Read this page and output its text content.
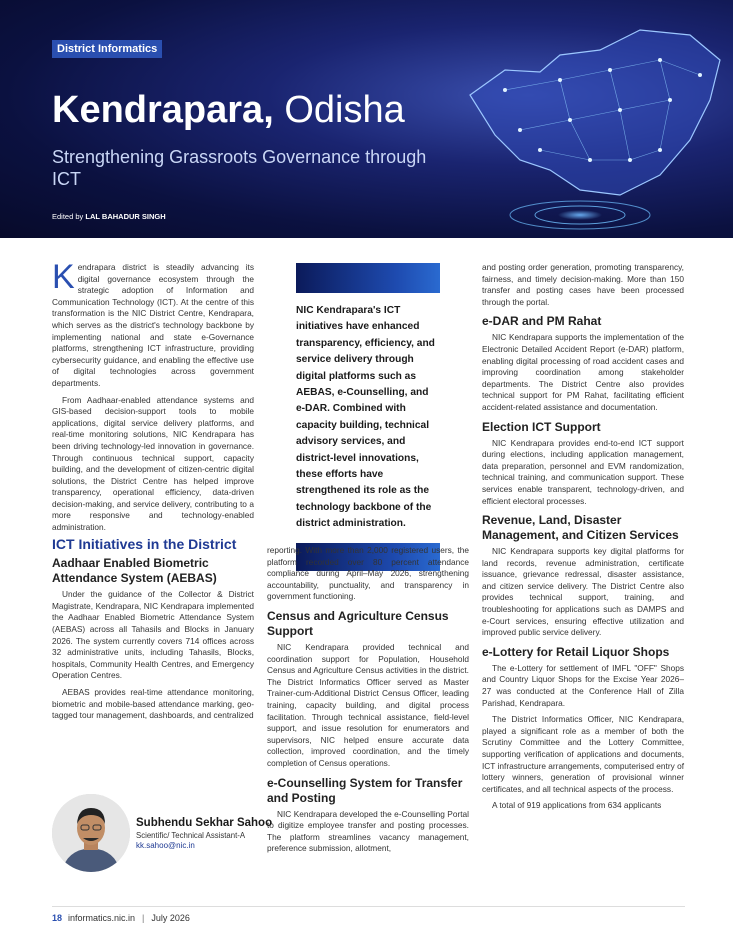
District Informatics
Kendrapara, Odisha
Strengthening Grassroots Governance through ICT
Edited by LAL BAHADUR SINGH

Kendrapara district is steadily advancing its digital governance ecosystem through the strategic adoption of Information and Communication Technology (ICT). At the centre of this transformation is the NIC District Centre, Kendrapara, which serves as the district's technology backbone by implementing national and state e-Governance platforms, strengthening ICT infrastructure, providing cybersecurity guidance, and enabling the effective use of digital technologies across government departments.

From Aadhaar-enabled attendance systems and GIS-based decision-support tools to mobile applications, digital service delivery platforms, and real-time monitoring solutions, NIC Kendrapara has been driving technology-led innovation in governance. Through continuous technical support, capacity building, and the development of citizen-centric digital solutions, the District Centre has helped improve transparency, operational efficiency, data-driven decision-making, and service delivery, contributing to a more responsive and technology-enabled administration.

ICT Initiatives in the District
Aadhaar Enabled Biometric Attendance System (AEBAS)

Under the guidance of the Collector & District Magistrate, Kendrapara, NIC Kendrapara implemented the Aadhaar Enabled Biometric Attendance System (AEBAS) across all Tahasils and Blocks in January 2026. The system currently covers 714 offices across 32 administrative units, including Tahasils, Blocks, hospitals, Community Health Centres, and Emergency Operation Centres.

AEBAS provides real-time attendance monitoring, biometric and mobile-based attendance marking, geo-tagged tour management, dashboards, and centralized

NIC Kendrapara's ICT initiatives have enhanced transparency, efficiency, and service delivery through digital platforms such as AEBAS, e-Counselling, and e-DAR. Combined with capacity building, technical advisory services, and district-level innovations, these efforts have strengthened its role as the technology backbone of the district administration.

reporting. With more than 2,000 registered users, the platform recorded over 80 percent attendance compliance during April–May 2026, strengthening accountability, punctuality, and transparency in government functioning.

Census and Agriculture Census Support

NIC Kendrapara provided technical and coordination support for Population, Household Census and Agriculture Census activities in the district. The District Informatics Officer served as Master Trainer-cum-Additional District Census Officer, leading training, capacity building, and digital process facilitation. Through technical assistance, field-level support, and issue resolution for enumerators and supervisors, NIC helped ensure accurate data collection, improved coordination, and the timely completion of Census operations.

e-Counselling System for Transfer and Posting

NIC Kendrapara developed the e-Counselling Portal to digitize employee transfer and posting processes. The platform streamlines vacancy management, preference submission, allotment,

and posting order generation, promoting transparency, fairness, and timely decision-making. More than 150 transfer and posting cases have been processed through the portal.

e-DAR and PM Rahat

NIC Kendrapara supports the implementation of the Electronic Detailed Accident Report (e-DAR) platform, enabling digital processing of road accident cases and improving coordination among stakeholder departments. The District Centre also provides technical support for PM Rahat, facilitating efficient accident-related assistance and documentation.

Election ICT Support

NIC Kendrapara provides end-to-end ICT support during elections, including application management, data preparation, personnel and EVM randomization, technical training, and communication support. These services enable transparent, technology-driven, and efficient electoral processes.

Revenue, Land, Disaster Management, and Citizen Services

NIC Kendrapara supports key digital platforms for land records, revenue administration, certificate issuance, grievance redressal, disaster assistance, and citizen service delivery. The District Centre also provides technical support, training, and troubleshooting for applications such as DAMPS and e-Court services, ensuring effective utilization and improved public service delivery.

e-Lottery for Retail Liquor Shops

The e-Lottery for settlement of IMFL "OFF" Shops and Country Liquor Shops for the Excise Year 2026–27 was conducted at the Conference Hall of Zilla Parishad, Kendrapara.

The District Informatics Officer, NIC Kendrapara, played a significant role as a member of both the Scrutiny Committee and the Lottery Committee, supporting verification of applications and documents, ICT infrastructure arrangements, computerised entry of lottery winners, generation of provisional winner certificates, and all technical aspects of the process.

A total of 919 applications from 634 applicants

Subhendu Sekhar Sahoo
Scientific/ Technical Assistant-A
kk.sahoo@nic.in
18 informatics.nic.in | July 2026
